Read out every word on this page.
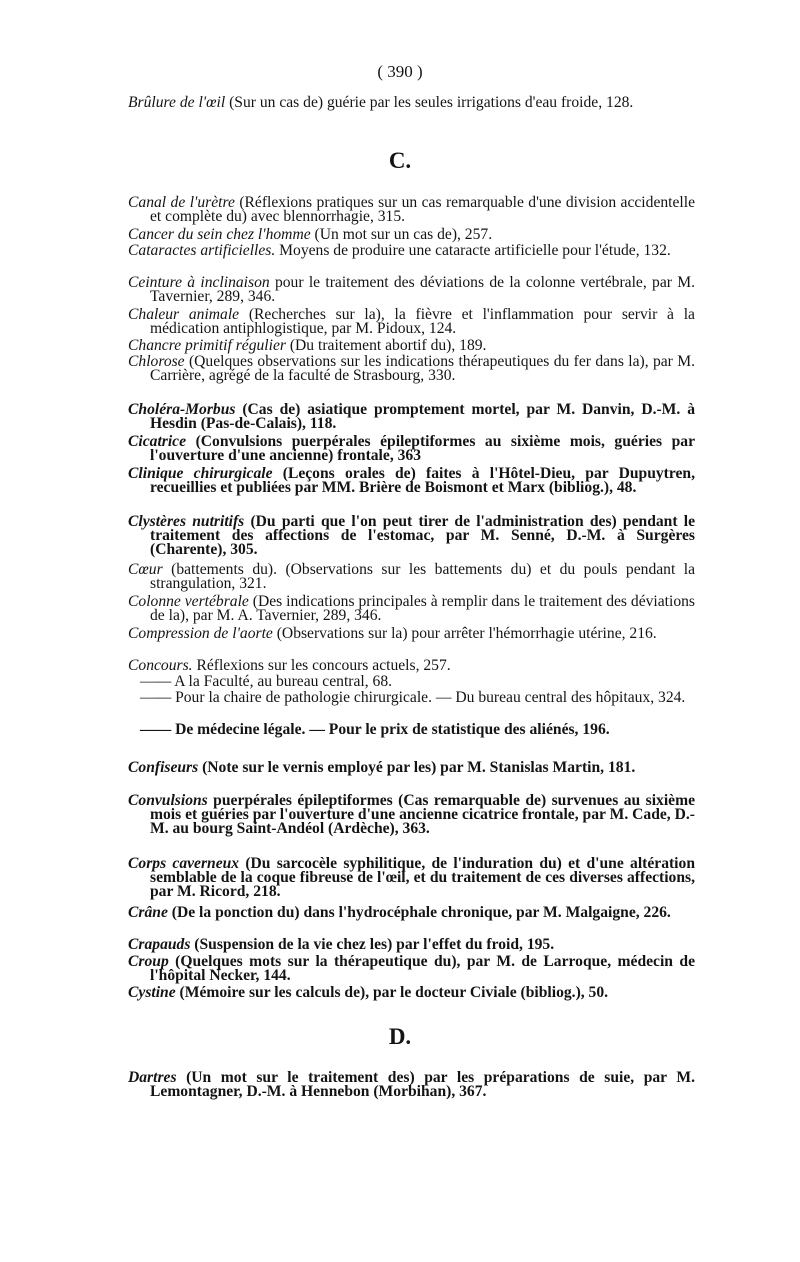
( 390 )
Brûlure de l'œil (Sur un cas de) guérie par les seules irrigations d'eau froide, 128.
C.
Canal de l'urètre (Réflexions pratiques sur un cas remarquable d'une division accidentelle et complète du) avec blennorrhagie, 315.
Cancer du sein chez l'homme (Un mot sur un cas de), 257.
Cataractes artificielles. Moyens de produire une cataracte artificielle pour l'étude, 132.
Ceinture à inclinaison pour le traitement des déviations de la colonne vertébrale, par M. Tavernier, 289, 346.
Chaleur animale (Recherches sur la), la fièvre et l'inflammation pour servir à la médication antiphlogistique, par M. Pidoux, 124.
Chancre primitif régulier (Du traitement abortif du), 189.
Chlorose (Quelques observations sur les indications thérapeutiques du fer dans la), par M. Carrière, agrégé de la faculté de Strasbourg, 330.
Choléra-Morbus (Cas de) asiatique promptement mortel, par M. Danvin, D.-M. à Hesdin (Pas-de-Calais), 118.
Cicatrice (Convulsions puerpérales épileptiformes au sixième mois, guéries par l'ouverture d'une ancienne) frontale, 363
Clinique chirurgicale (Leçons orales de) faites à l'Hôtel-Dieu, par Dupuytren, recueillies et publiées par MM. Brière de Boismont et Marx (bibliog.), 48.
Clystères nutritifs (Du parti que l'on peut tirer de l'administration des) pendant le traitement des affections de l'estomac, par M. Senné, D.-M. à Surgères (Charente), 305.
Cœur (battements du). (Observations sur les battements du) et du pouls pendant la strangulation, 321.
Colonne vertébrale (Des indications principales à remplir dans le traitement des déviations de la), par M. A. Tavernier, 289, 346.
Compression de l'aorte (Observations sur la) pour arrêter l'hémorrhagie utérine, 216.
Concours. Réflexions sur les concours actuels, 257.
—— A la Faculté, au bureau central, 68.
—— Pour la chaire de pathologie chirurgicale. — Du bureau central des hôpitaux, 324.
—— De médecine légale. — Pour le prix de statistique des aliénés, 196.
Confiseurs (Note sur le vernis employé par les) par M. Stanislas Martin, 181.
Convulsions puerpérales épileptiformes (Cas remarquable de) survenues au sixième mois et guéries par l'ouverture d'une ancienne cicatrice frontale, par M. Cade, D.-M. au bourg Saint-Andéol (Ardèche), 363.
Corps caverneux (Du sarcocèle syphilitique, de l'induration du) et d'une altération semblable de la coque fibreuse de l'œil, et du traitement de ces diverses affections, par M. Ricord, 218.
Crâne (De la ponction du) dans l'hydrocéphale chronique, par M. Malgaigne, 226.
Crapauds (Suspension de la vie chez les) par l'effet du froid, 195.
Croup (Quelques mots sur la thérapeutique du), par M. de Larroque, médecin de l'hôpital Necker, 144.
Cystine (Mémoire sur les calculs de), par le docteur Civiale (bibliog.), 50.
D.
Dartres (Un mot sur le traitement des) par les préparations de suie, par M. Lemontagner, D.-M. à Hennebon (Morbihan), 367.
